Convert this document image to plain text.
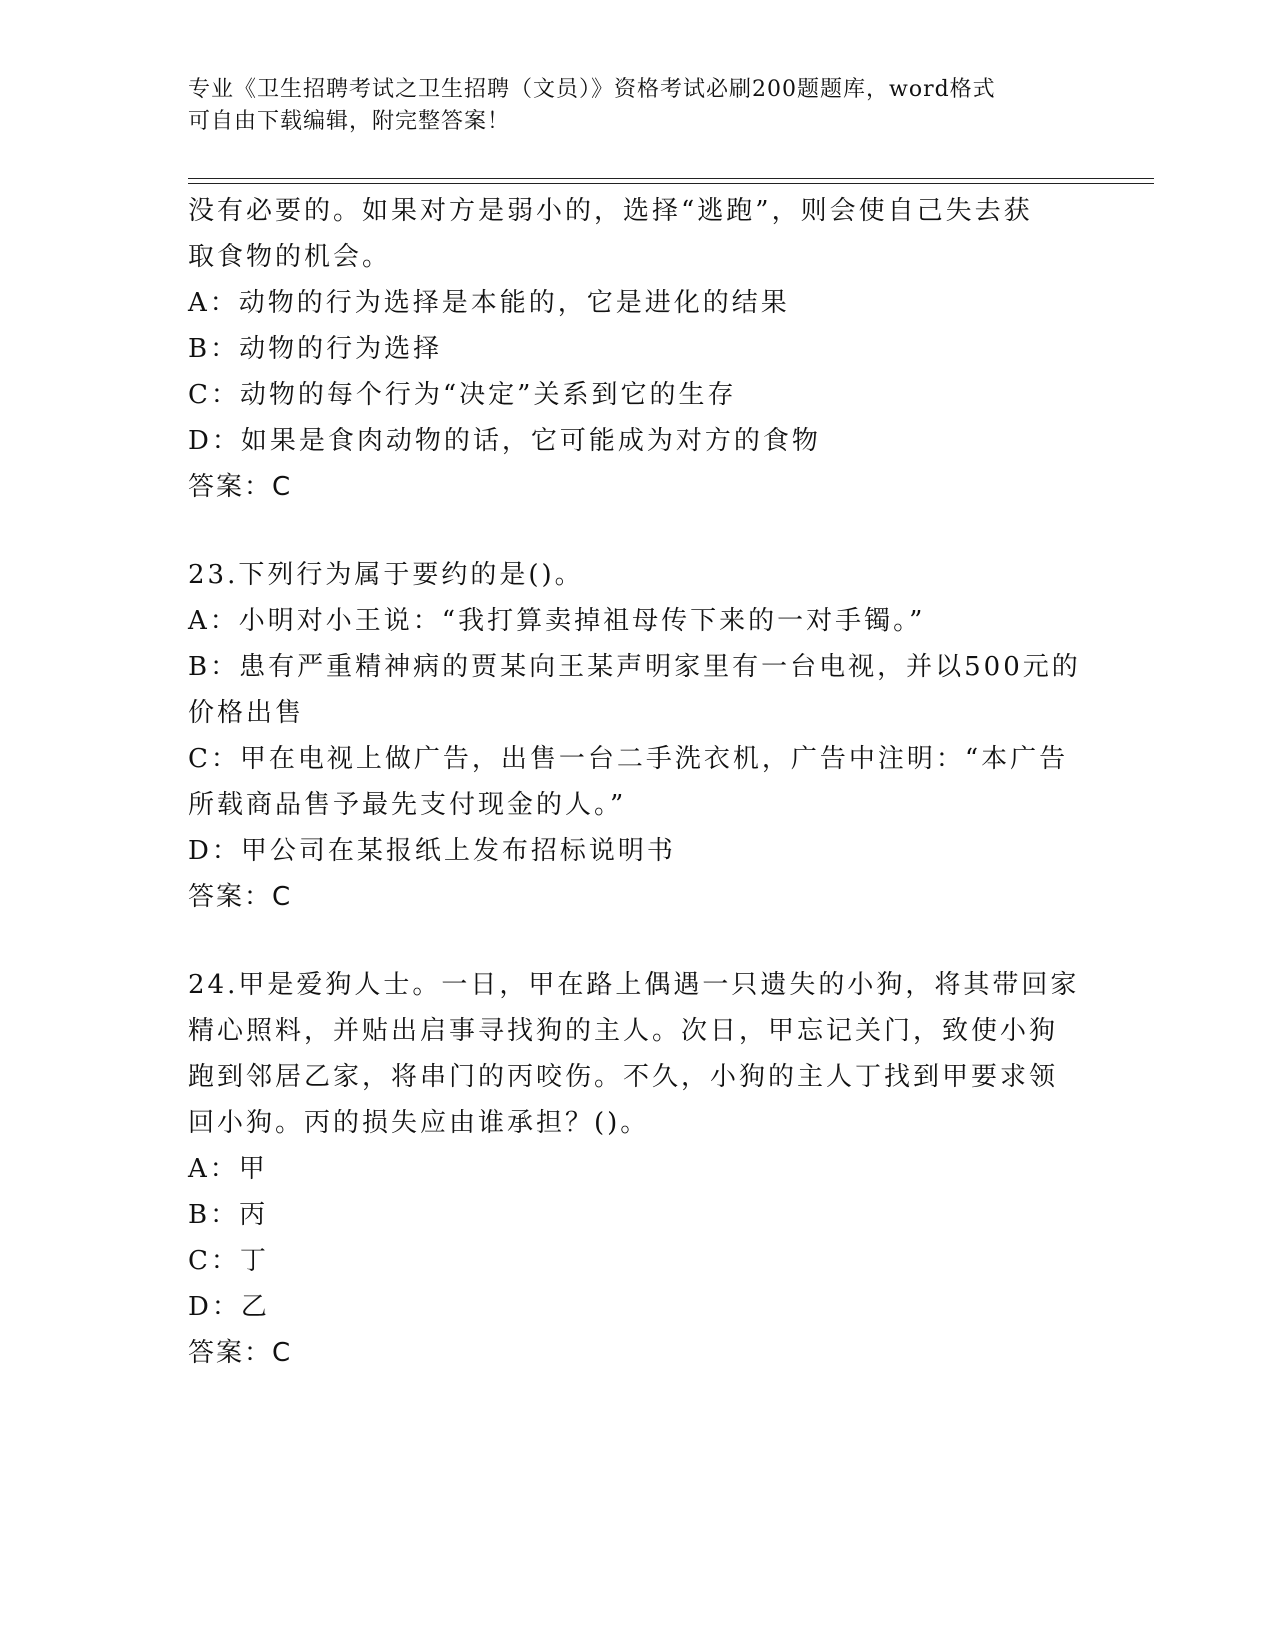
专业《卫生招聘考试之卫生招聘（文员）》资格考试必刷200题题库，word格式
可自由下载编辑，附完整答案！
没有必要的。如果对方是弱小的，选择“逃跑”，则会使自己失去获
取食物的机会。
A：动物的行为选择是本能的，它是进化的结果
B：动物的行为选择
C：动物的每个行为“决定”关系到它的生存
D：如果是食肉动物的话，它可能成为对方的食物
答案：C
23.下列行为属于要约的是()。
A：小明对小王说：“我打算卖掉祖母传下来的一对手镯。”
B：患有严重精神病的贾某向王某声明家里有一台电视，并以500元的
价格出售
C：甲在电视上做广告，出售一台二手洗衣机，广告中注明：“本广告
所载商品售予最先支付现金的人。”
D：甲公司在某报纸上发布招标说明书
答案：C
24.甲是爱狗人士。一日，甲在路上偶遇一只遗失的小狗，将其带回家
精心照料，并贴出启事寻找狗的主人。次日，甲忘记关门，致使小狗
跑到邻居乙家，将串门的丙咬伤。不久，小狗的主人丁找到甲要求领
回小狗。丙的损失应由谁承担？()。
A：甲
B：丙
C：丁
D：乙
答案：C
